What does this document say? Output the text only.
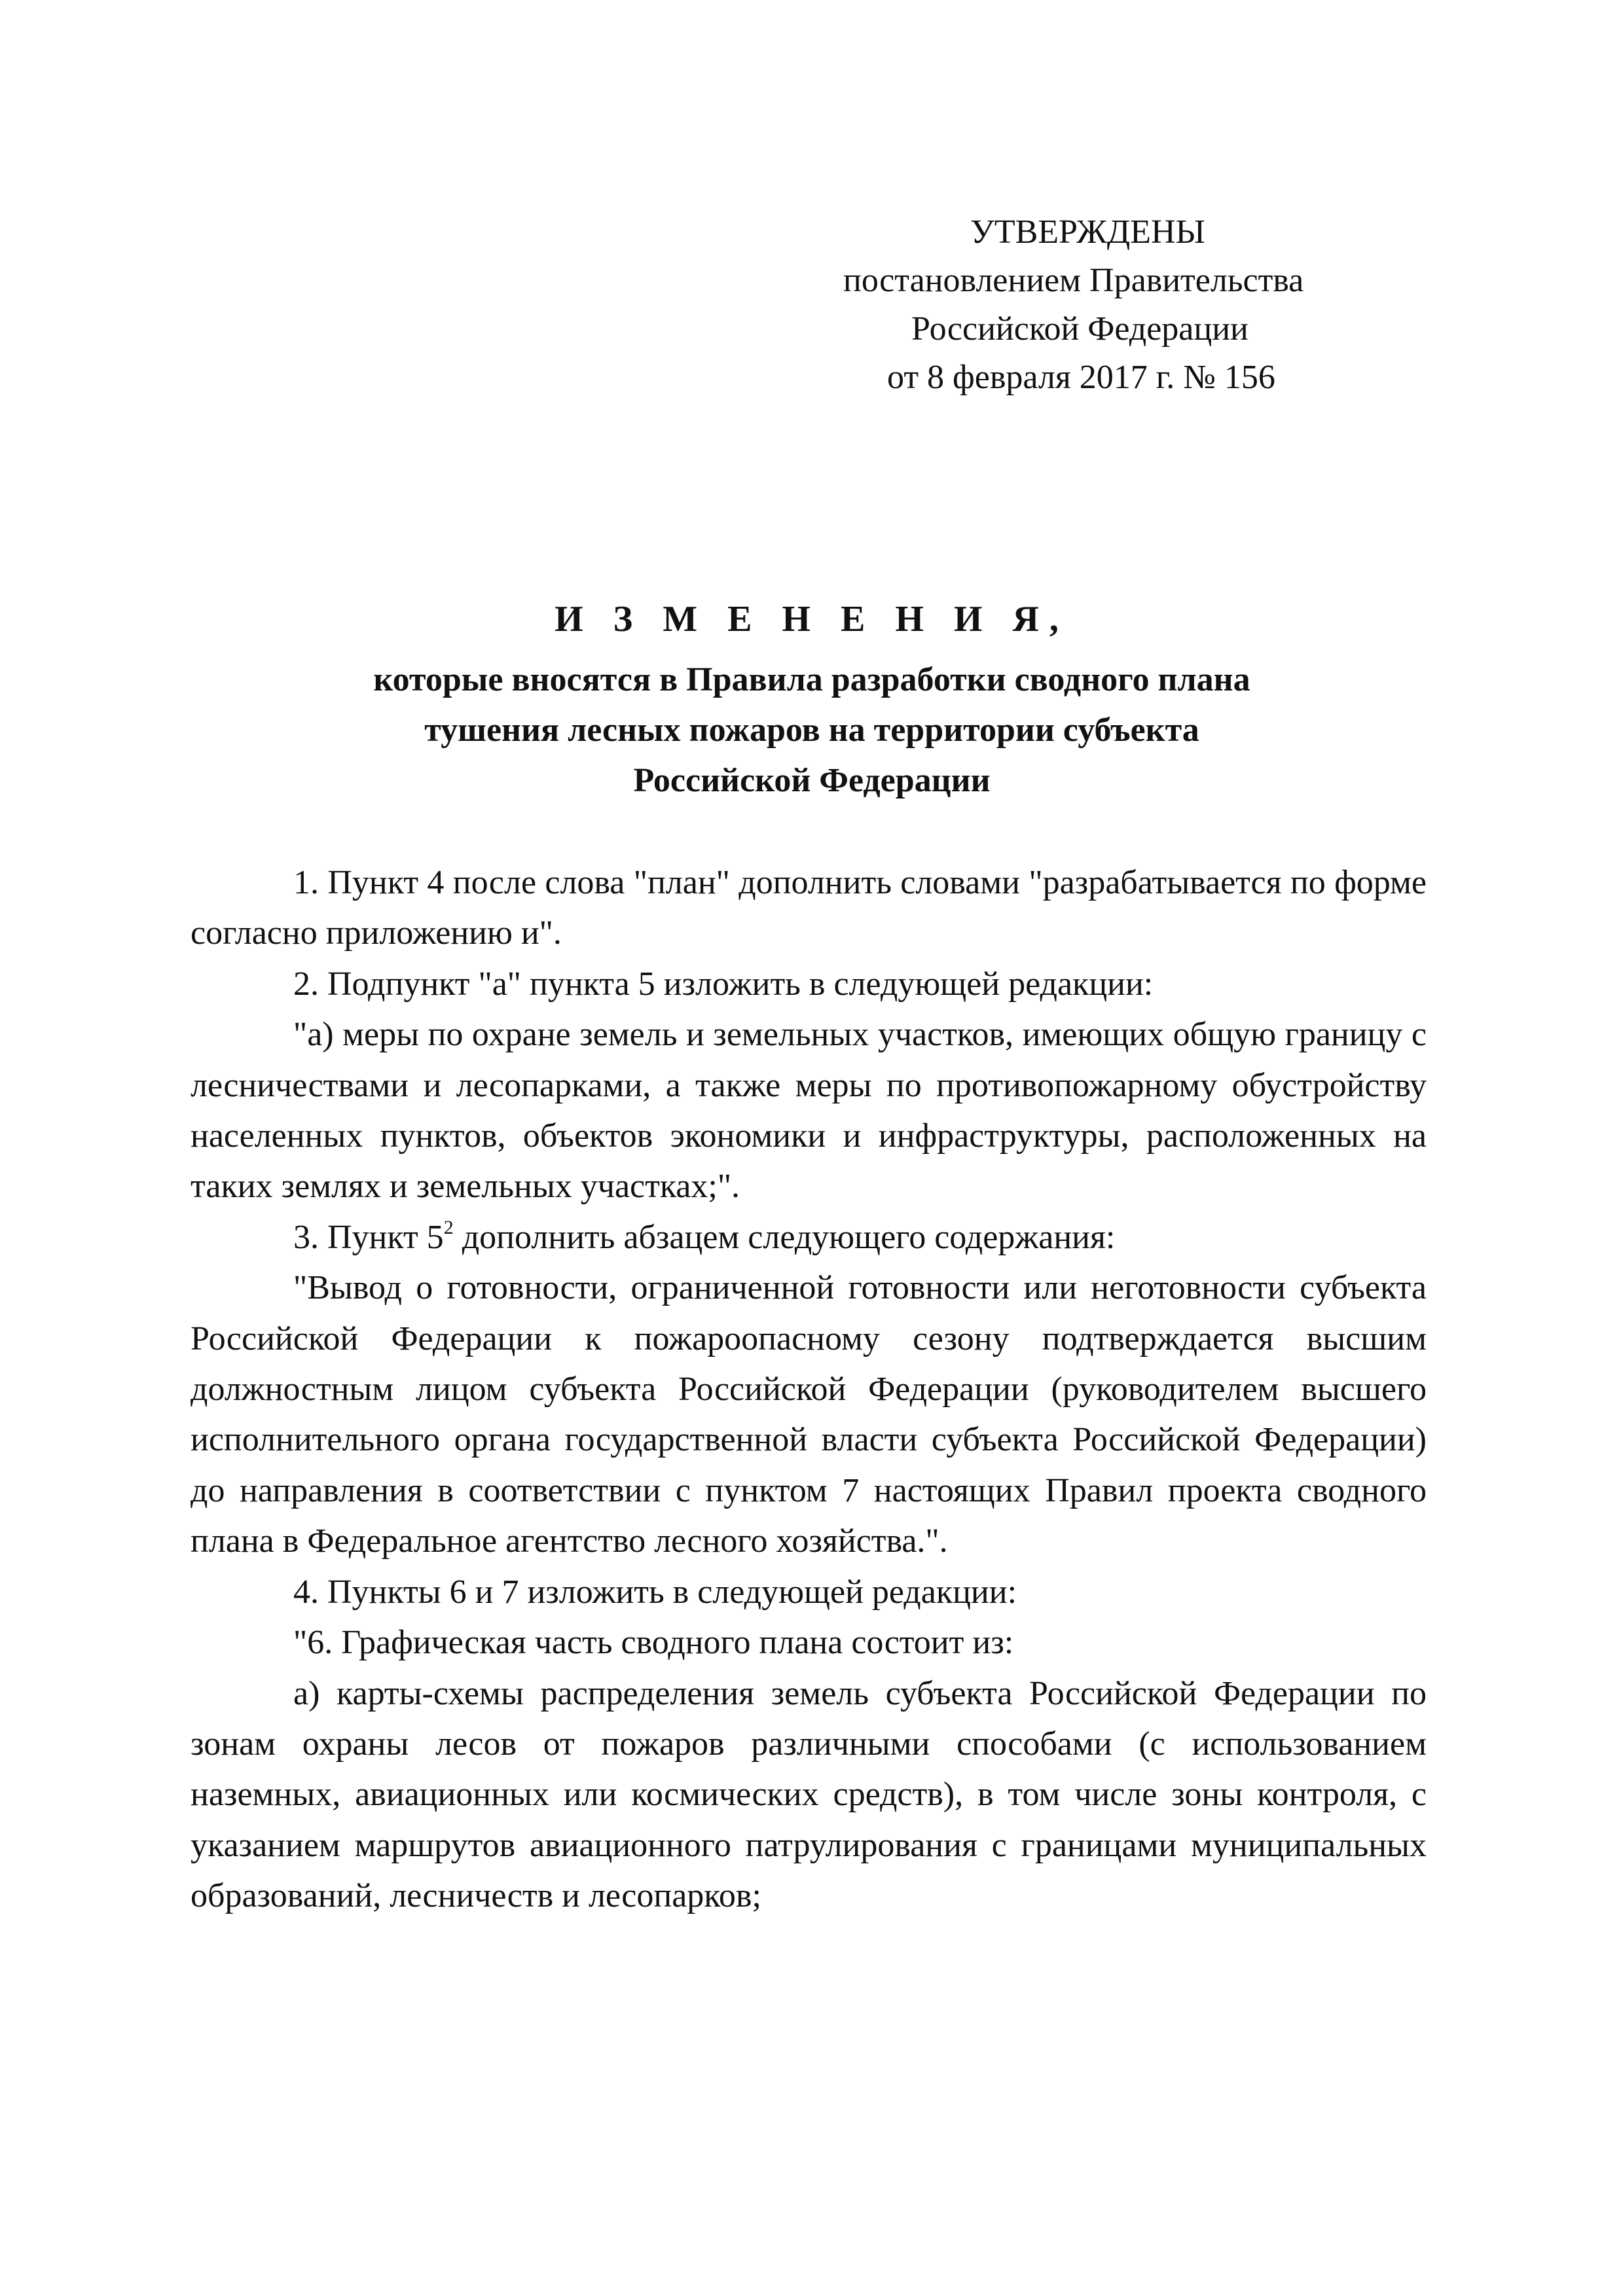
УТВЕРЖДЕНЫ
постановлением Правительства
Российской Федерации
от 8 февраля 2017 г. № 156
И З М Е Н Е Н И Я,
которые вносятся в Правила разработки сводного плана
тушения лесных пожаров на территории субъекта
Российской Федерации

1. Пункт 4 после слова "план" дополнить словами "разрабатывается по форме согласно приложению и".

2. Подпункт "а" пункта 5 изложить в следующей редакции:

"а) меры по охране земель и земельных участков, имеющих общую границу с лесничествами и лесопарками, а также меры по противопожарному обустройству населенных пунктов, объектов экономики и инфраструктуры, расположенных на таких землях и земельных участках;".

3. Пункт $5^2$ дополнить абзацем следующего содержания:

"Вывод о готовности, ограниченной готовности или неготовности субъекта Российской Федерации к пожароопасному сезону подтверждается высшим должностным лицом субъекта Российской Федерации (руководителем высшего исполнительного органа государственной власти субъекта Российской Федерации) до направления в соответствии с пунктом 7 настоящих Правил проекта сводного плана в Федеральное агентство лесного хозяйства.".

4. Пункты 6 и 7 изложить в следующей редакции:

"6. Графическая часть сводного плана состоит из:

а) карты-схемы распределения земель субъекта Российской Федерации по зонам охраны лесов от пожаров различными способами (с использованием наземных, авиационных или космических средств), в том числе зоны контроля, с указанием маршрутов авиационного патрулирования с границами муниципальных образований, лесничеств и лесопарков;
